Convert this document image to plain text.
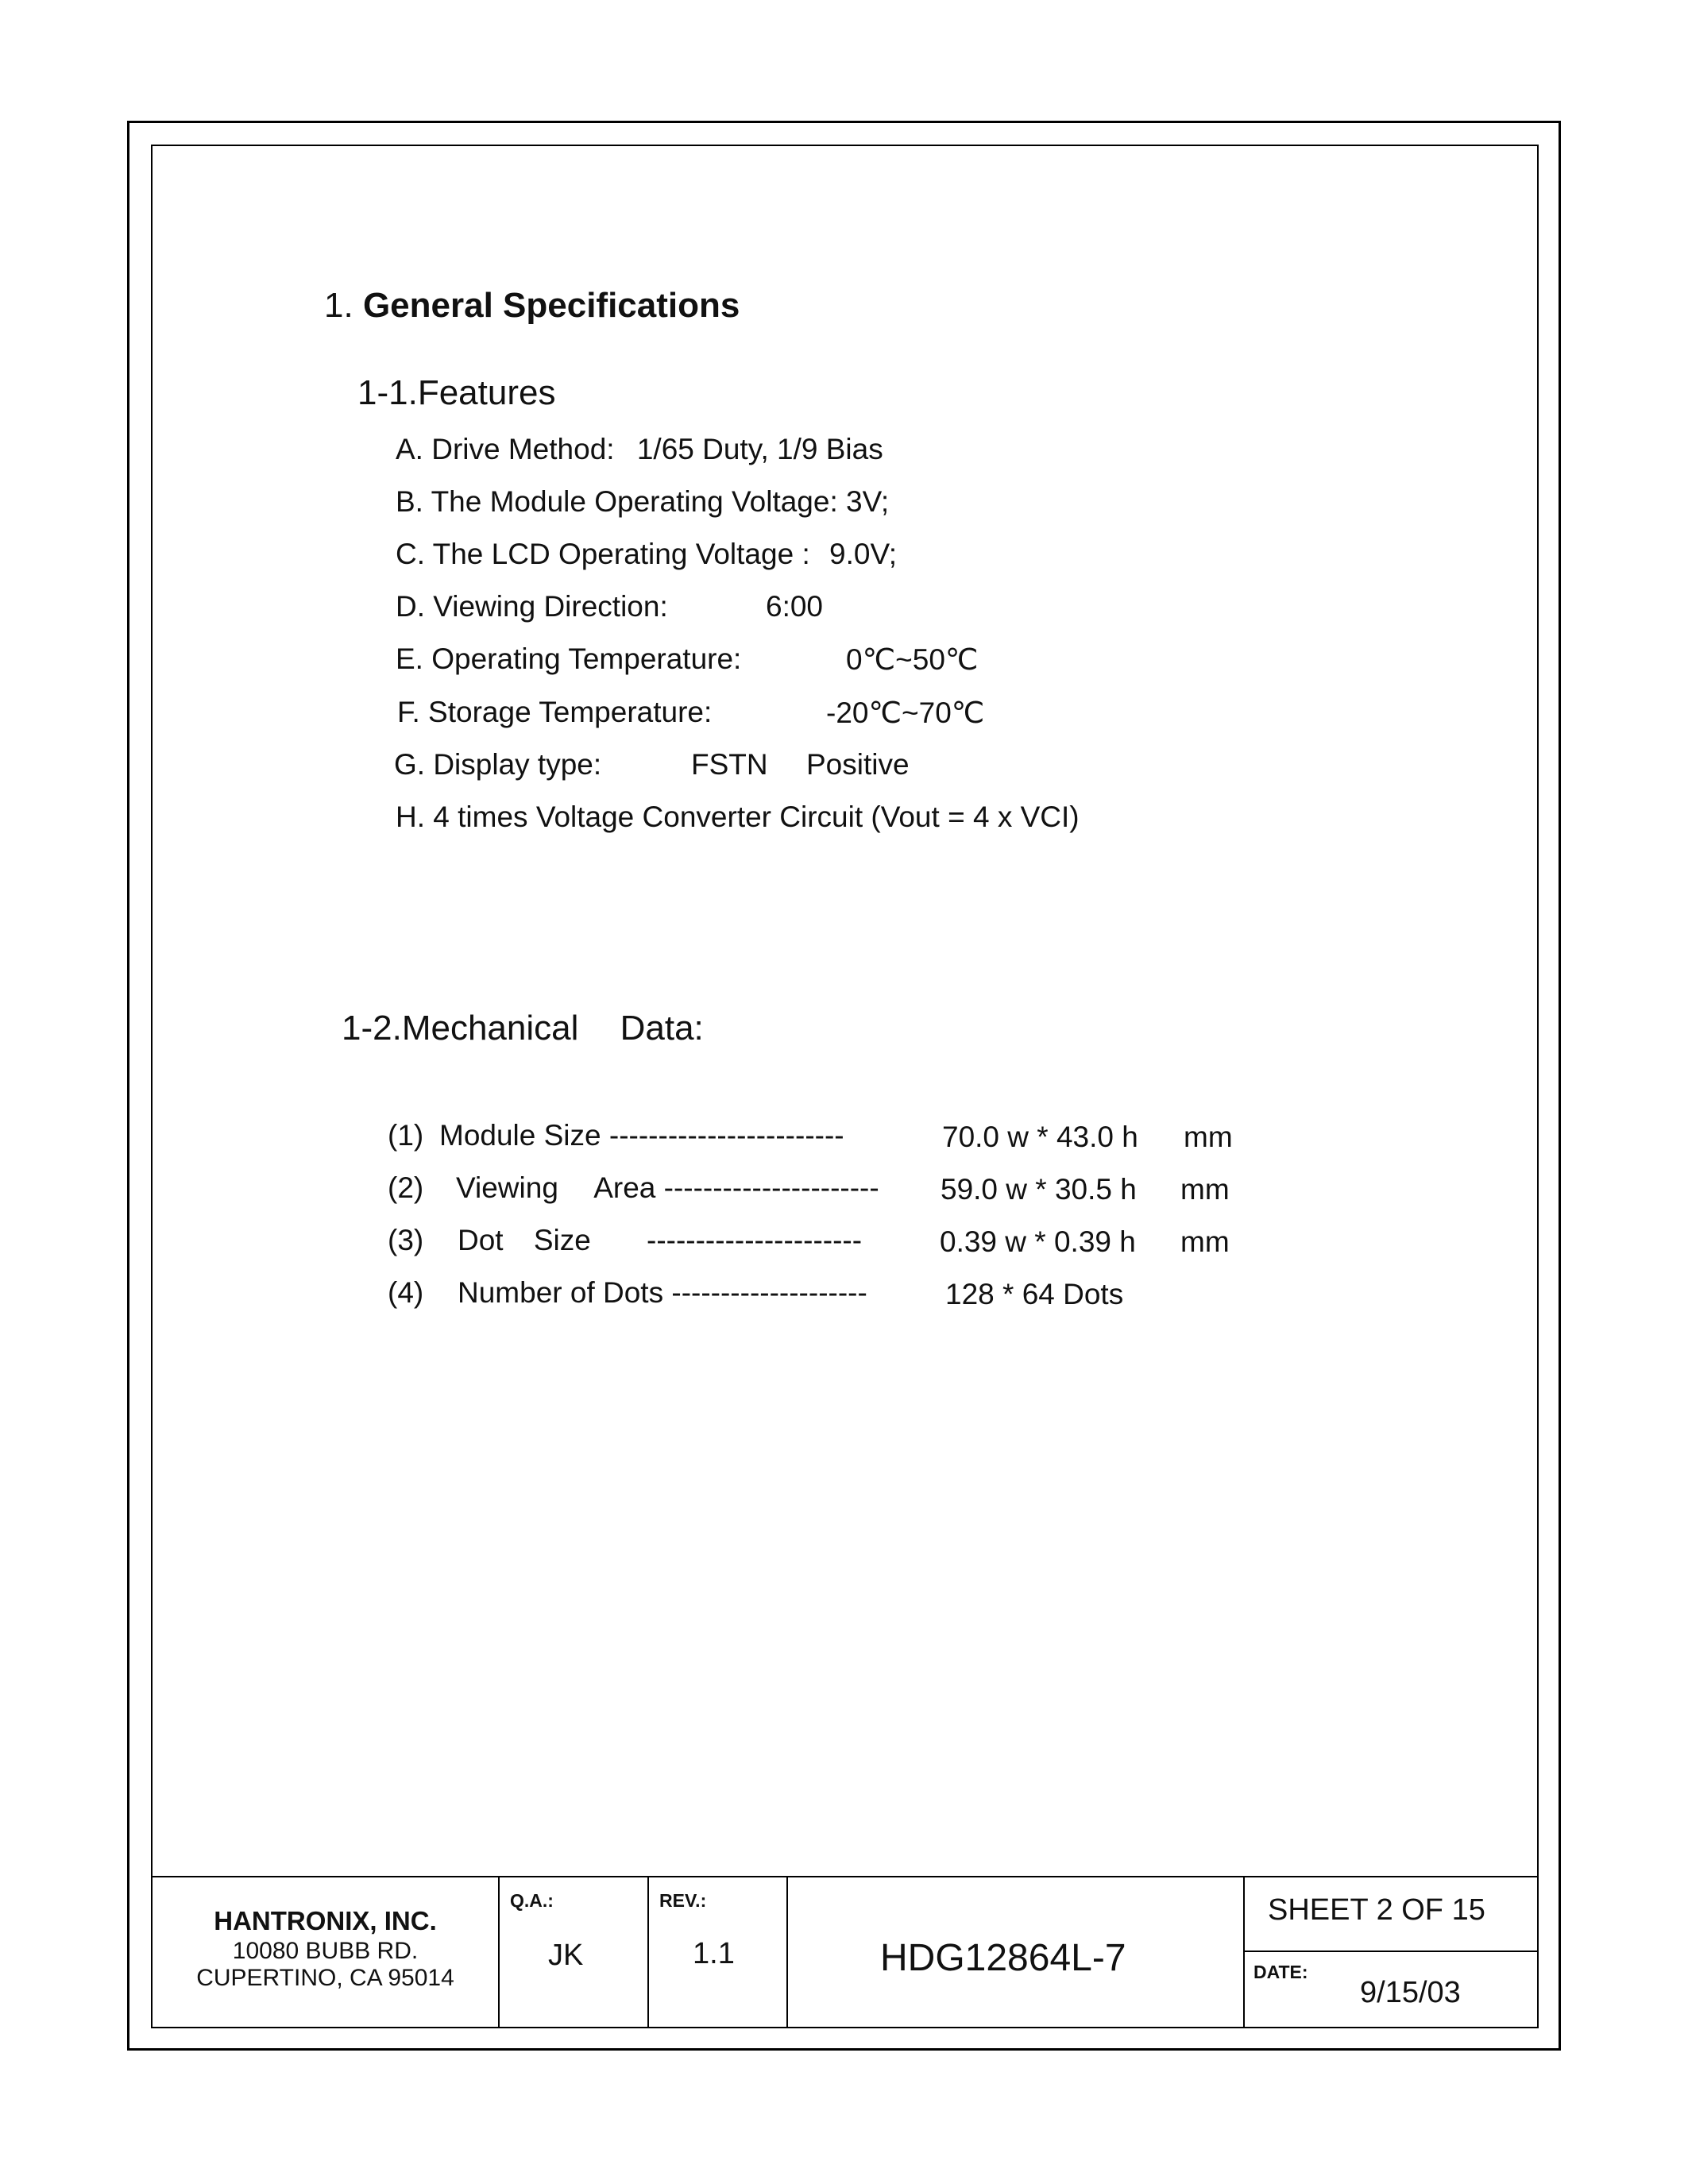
1. General Specifications
1-1.Features
A. Drive Method: 1/65 Duty, 1/9 Bias
B. The Module Operating Voltage: 3V;
C. The LCD Operating Voltage : 9.0V;
D. Viewing Direction:	6:00
E. Operating Temperature:	0℃~50℃
F. Storage Temperature:	-20℃~70℃
G. Display type:	FSTN Positive
H. 4 times Voltage Converter Circuit (Vout = 4 x VCI)
1-2.Mechanical Data:
(1) Module Size ------------------------	70.0 w * 43.0 h mm
(2) Viewing Area ---------------------- 59.0 w * 30.5 h mm
(3) Dot Size ----------------------	0.39 w * 0.39 h mm
(4) Number of Dots --------------------	128 * 64 Dots
HANTRONIX, INC.
10080 BUBB RD.
CUPERTINO, CA 95014
Q.A.:
JK
REV.:
1.1	HDG12864L-7
SHEET 2 OF 15
DATE:
9/15/03
